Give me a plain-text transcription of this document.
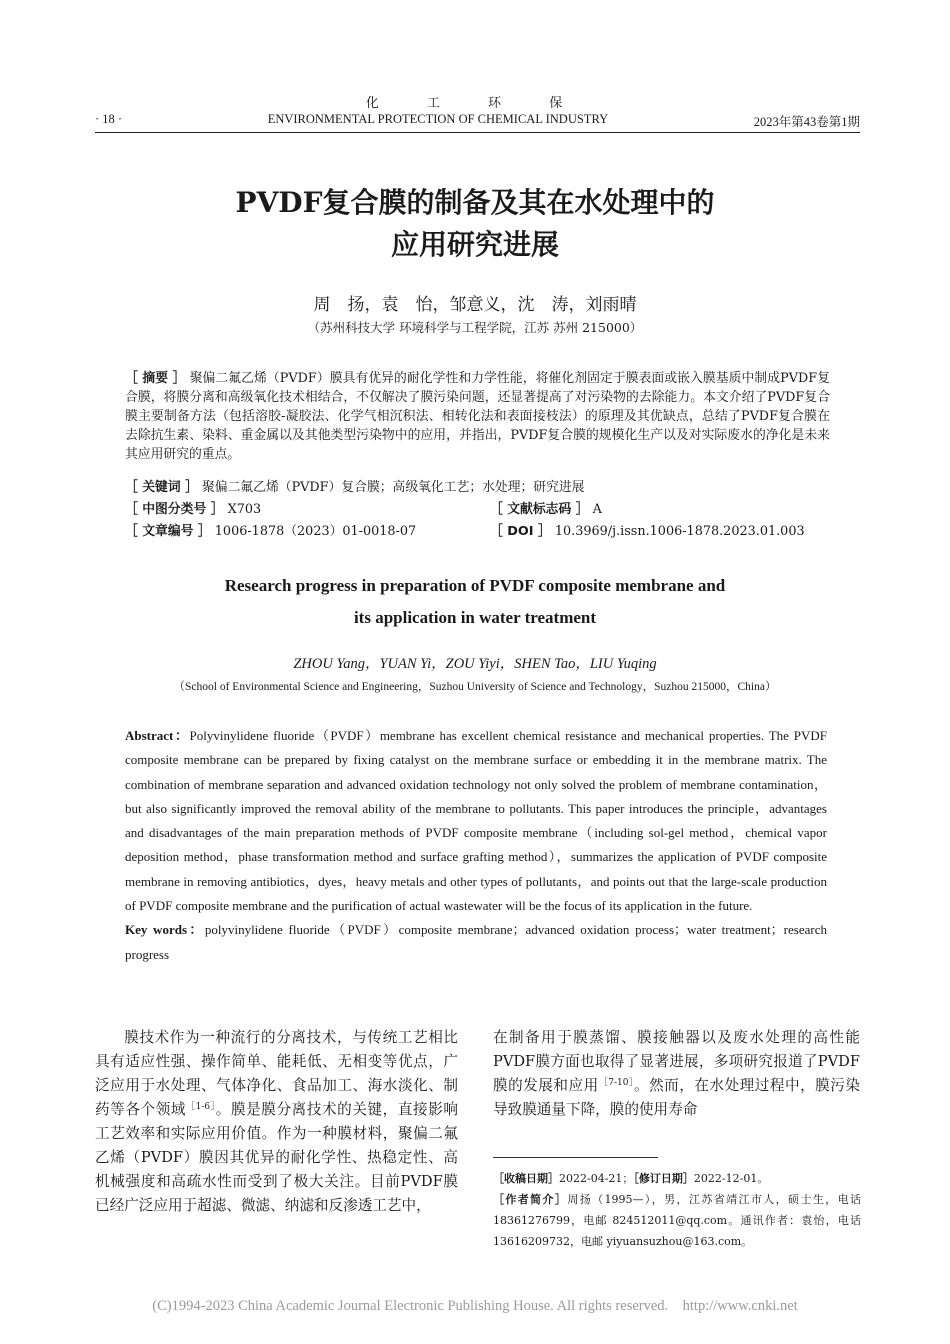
化 工 环 保
· 18 ·	ENVIRONMENTAL PROTECTION OF CHEMICAL INDUSTRY	2023年第43卷第1期
PVDF复合膜的制备及其在水处理中的
应用研究进展
周　扬，袁　怡，邹意义，沈　涛，刘雨晴
（苏州科技大学 环境科学与工程学院，江苏 苏州 215000）
［ 摘要 ］ 聚偏二氟乙烯（PVDF）膜具有优异的耐化学性和力学性能，将催化剂固定于膜表面或嵌入膜基质中制成PVDF复合膜，将膜分离和高级氧化技术相结合，不仅解决了膜污染问题，还显著提高了对污染物的去除能力。本文介绍了PVDF复合膜主要制备方法（包括溶胶-凝胶法、化学气相沉积法、相转化法和表面接枝法）的原理及其优缺点，总结了PVDF复合膜在去除抗生素、染料、重金属以及其他类型污染物中的应用，并指出，PVDF复合膜的规模化生产以及对实际废水的净化是未来其应用研究的重点。
［ 关键词 ］ 聚偏二氟乙烯（PVDF）复合膜；高级氧化工艺；水处理；研究进展
［ 中图分类号 ］ X703	［ 文献标志码 ］ A
［ 文章编号 ］ 1006-1878（2023）01-0018-07	［ DOI ］ 10.3969/j.issn.1006-1878.2023.01.003
Research progress in preparation of PVDF composite membrane and
its application in water treatment
ZHOU Yang，YUAN Yi，ZOU Yiyi，SHEN Tao，LIU Yuqing
（School of Environmental Science and Engineering，Suzhou University of Science and Technology，Suzhou 215000，China）
Abstract：Polyvinylidene fluoride（PVDF）membrane has excellent chemical resistance and mechanical properties. The PVDF composite membrane can be prepared by fixing catalyst on the membrane surface or embedding it in the membrane matrix. The combination of membrane separation and advanced oxidation technology not only solved the problem of membrane contamination，but also significantly improved the removal ability of the membrane to pollutants. This paper introduces the principle，advantages and disadvantages of the main preparation methods of PVDF composite membrane（including sol-gel method，chemical vapor deposition method，phase transformation method and surface grafting method），summarizes the application of PVDF composite membrane in removing antibiotics，dyes，heavy metals and other types of pollutants，and points out that the large-scale production of PVDF composite membrane and the purification of actual wastewater will be the focus of its application in the future.
Key words：polyvinylidene fluoride（PVDF）composite membrane；advanced oxidation process；water treatment；research progress
膜技术作为一种流行的分离技术，与传统工艺相比具有适应性强、操作简单、能耗低、无相变等优点，广泛应用于水处理、气体净化、食品加工、海水淡化、制药等各个领域$^{[1-6]}$。膜是膜分离技术的关键，直接影响工艺效率和实际应用价值。作为一种膜材料，聚偏二氟乙烯（PVDF）膜因其优异的耐化学性、热稳定性、高机械强度和高疏水性而受到了极大关注。目前PVDF膜已经广泛应用于超滤、微滤、纳滤和反渗透工艺中，
在制备用于膜蒸馏、膜接触器以及废水处理的高性能PVDF膜方面也取得了显著进展，多项研究报道了PVDF膜的发展和应用$^{[7-10]}$。然而，在水处理过程中，膜污染导致膜通量下降，膜的使用寿命
［收稿日期］2022-04-21；［修订日期］2022-12-01。
［作者简介］周扬（1995—），男，江苏省靖江市人，硕士生，电话 18361276799，电邮 824512011@qq.com。通讯作者：袁怡，电话 13616209732，电邮 yiyuansuzhou@163.com。
(C)1994-2023 China Academic Journal Electronic Publishing House. All rights reserved.    http://www.cnki.net
